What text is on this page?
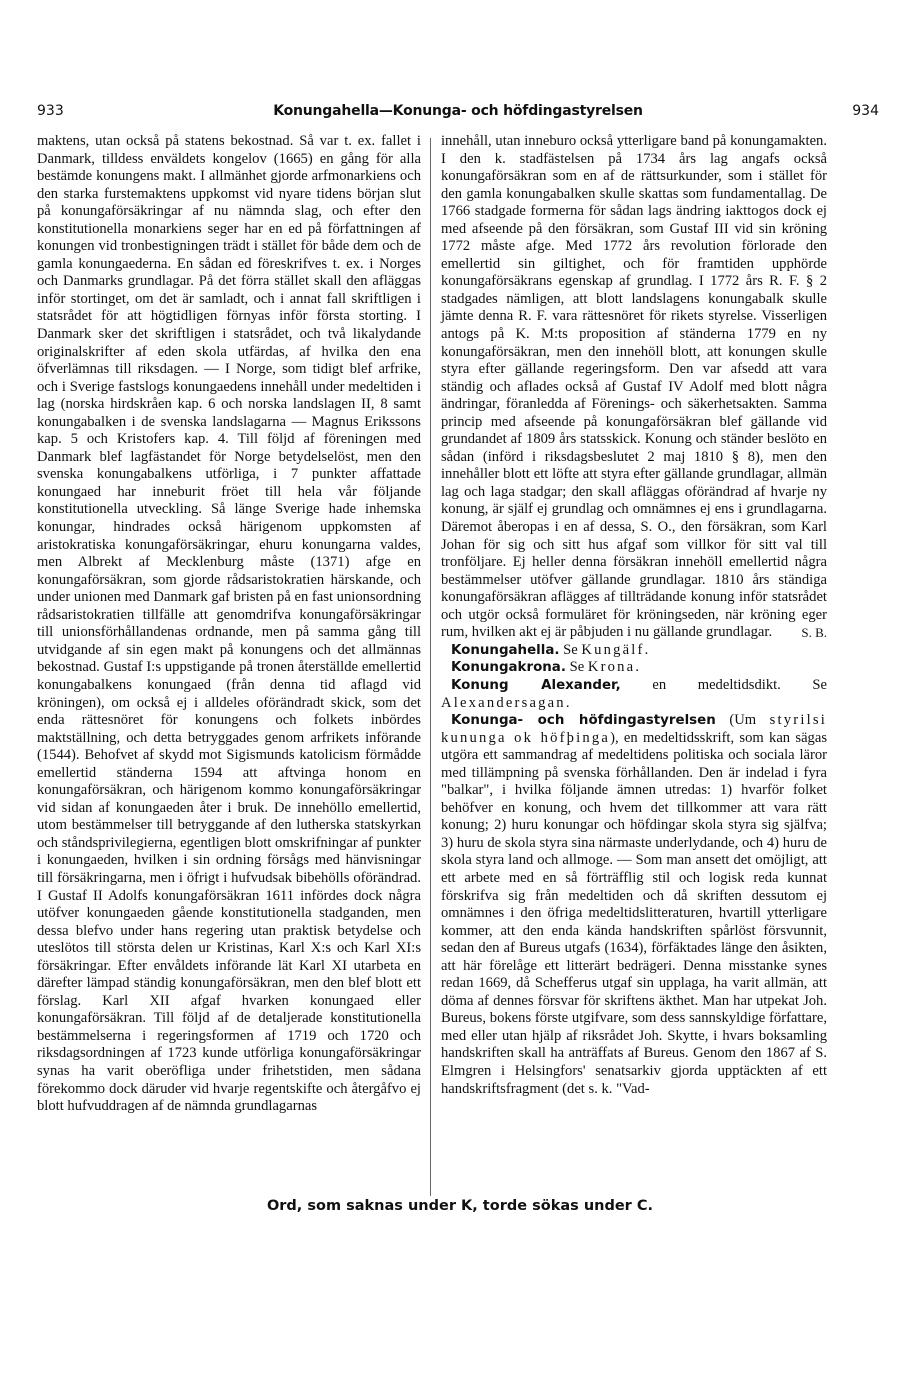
933	Konungahella—Konunga- och höfdingastyrelsen	934

maktens, utan också på statens bekostnad. Så var t. ex. fallet i Danmark, tilldess enväldets kongelov (1665) en gång för alla bestämde konungens makt. I allmänhet gjorde arfmonarkiens och den starka furstemaktens uppkomst vid nyare tidens början slut på konungaförsäkringar af nu nämnda slag, och efter den konstitutionella monarkiens seger har en ed på författningen af konungen vid tronbestigningen trädt i stället för både dem och de gamla konungaederna. En sådan ed föreskrifves t. ex. i Norges och Danmarks grundlagar. På det förra stället skall den afläggas inför stortinget, om det är samladt, och i annat fall skriftligen i statsrådet för att högtidligen förnyas inför första storting. I Danmark sker det skriftligen i statsrådet, och två likalydande originalskrifter af eden skola utfärdas, af hvilka den ena öfverlämnas till riksdagen. — I Norge, som tidigt blef arfrike, och i Sverige fastslogs konungaedens innehåll under medeltiden i lag (norska hirdskråen kap. 6 och norska landslagen II, 8 samt konungabalken i de svenska landslagarna — Magnus Erikssons kap. 5 och Kristofers kap. 4. Till följd af föreningen med Danmark blef lagfästandet för Norge betydelselöst, men den svenska konungabalkens utförliga, i 7 punkter affattade konungaed har inneburit fröet till hela vår följande konstitutionella utveckling. Så länge Sverige hade inhemska konungar, hindrades också härigenom uppkomsten af aristokratiska konungaförsäkringar, ehuru konungarna valdes, men Albrekt af Mecklenburg måste (1371) afge en konungaförsäkran, som gjorde rådsaristokratien härskande, och under unionen med Danmark gaf bristen på en fast unionsordning rådsaristokratien tillfälle att genomdrifva konungaförsäkringar till unionsförhållandenas ordnande, men på samma gång till utvidgande af sin egen makt på konungens och det allmännas bekostnad. Gustaf I:s uppstigande på tronen återställde emellertid konungabalkens konungaed (från denna tid aflagd vid kröningen), om också ej i alldeles oförändradt skick, som det enda rättesnöret för konungens och folkets inbördes maktställning, och detta betryggades genom arfrikets införande (1544). Behofvet af skydd mot Sigismunds katolicism förmådde emellertid ständerna 1594 att aftvinga honom en konungaförsäkran, och härigenom kommo konungaförsäkringar vid sidan af konungaeden åter i bruk. De innehöllo emellertid, utom bestämmelser till betryggande af den lutherska statskyrkan och ståndsprivilegierna, egentligen blott omskrifningar af punkter i konungaeden, hvilken i sin ordning försågs med hänvisningar till försäkringarna, men i öfrigt i hufvudsak bibehölls oförändrad. I Gustaf II Adolfs konungaförsäkran 1611 infördes dock några utöfver konungaeden gående konstitutionella stadganden, men dessa blefvo under hans regering utan praktisk betydelse och uteslötos till största delen ur Kristinas, Karl X:s och Karl XI:s försäkringar. Efter envåldets införande lät Karl XI utarbeta en därefter lämpad ständig konungaförsäkran, men den blef blott ett förslag. Karl XII afgaf hvarken konungaed eller konungaförsäkran. Till följd af de detaljerade konstitutionella bestämmelserna i regeringsformen af 1719 och 1720 och riksdagsordningen af 1723 kunde utförliga konungaförsäkringar synas ha varit oberöfliga under frihetstiden, men sådana förekommo dock däruder vid hvarje regentskifte och återgåfvo ej blott hufvuddragen af de nämnda grundlagarnas

innehåll, utan inneburo också ytterligare band på konungamakten. I den k. stadfästelsen på 1734 års lag angafs också konungaförsäkran som en af de rättsurkunder, som i stället för den gamla konungabalken skulle skattas som fundamentallag. De 1766 stadgade formerna för sådan lags ändring iakttogos dock ej med afseende på den försäkran, som Gustaf III vid sin kröning 1772 måste afge. Med 1772 års revolution förlorade den emellertid sin giltighet, och för framtiden upphörde konungaförsäkrans egenskap af grundlag. I 1772 års R. F. § 2 stadgades nämligen, att blott landslagens konungabalk skulle jämte denna R. F. vara rättesnöret för rikets styrelse. Visserligen antogs på K. M:ts proposition af ständerna 1779 en ny konungaförsäkran, men den innehöll blott, att konungen skulle styra efter gällande regeringsform. Den var afsedd att vara ständig och aflades också af Gustaf IV Adolf med blott några ändringar, föranledda af Förenings- och säkerhetsakten. Samma princip med afseende på konungaförsäkran blef gällande vid grundandet af 1809 års statsskick. Konung och ständer beslöto en sådan (införd i riksdagsbeslutet 2 maj 1810 § 8), men den innehåller blott ett löfte att styra efter gällande grundlagar, allmän lag och laga stadgar; den skall afläggas oförändrad af hvarje ny konung, är själf ej grundlag och omnämnes ej ens i grundlagarna. Däremot åberopas i en af dessa, S. O., den försäkran, som Karl Johan för sig och sitt hus afgaf som villkor för sitt val till tronföljare. Ej heller denna försäkran innehöll emellertid några bestämmelser utöfver gällande grundlagar. 1810 års ständiga konungaförsäkran aflägges af tillträdande konung inför statsrådet och utgör också formuläret för kröningseden, när kröning eger rum, hvilken akt ej är påbjuden i nu gällande grundlagar. S. B.

Konungahella. Se Kungälf.

Konungakrona. Se Krona.

Konung Alexander, en medeltidsdikt. Se Alexandersagan.

Konunga- och höfdingastyrelsen (Um styrilsi kununga ok höfþinga), en medeltidsskrift, som kan sägas utgöra ett sammandrag af medeltidens politiska och sociala läror med tillämpning på svenska förhållanden. Den är indelad i fyra "balkar", i hvilka följande ämnen utredas: 1) hvarför folket behöfver en konung, och hvem det tillkommer att vara rätt konung; 2) huru konungar och höfdingar skola styra sig själfva; 3) huru de skola styra sina närmaste underlydande, och 4) huru de skola styra land och allmoge. — Som man ansett det omöjligt, att ett arbete med en så förträfflig stil och logisk reda kunnat förskrifva sig från medeltiden och då skriften dessutom ej omnämnes i den öfriga medeltidslitteraturen, hvartill ytterligare kommer, att den enda kända handskriften spårlöst försvunnit, sedan den af Bureus utgafs (1634), förfäktades länge den åsikten, att här förelåge ett litterärt bedrägeri. Denna misstanke synes redan 1669, då Schefferus utgaf sin upplaga, ha varit allmän, att döma af dennes försvar för skriftens äkthet. Man har utpekat Joh. Bureus, bokens förste utgifvare, som dess sannskyldige författare, med eller utan hjälp af riksrådet Joh. Skytte, i hvars boksamling handskriften skall ha anträffats af Bureus. Genom den 1867 af S. Elmgren i Helsingfors' senatsarkiv gjorda upptäckten af ett handskriftsfragment (det s. k. "Vad-

Ord, som saknas under K, torde sökas under C.
